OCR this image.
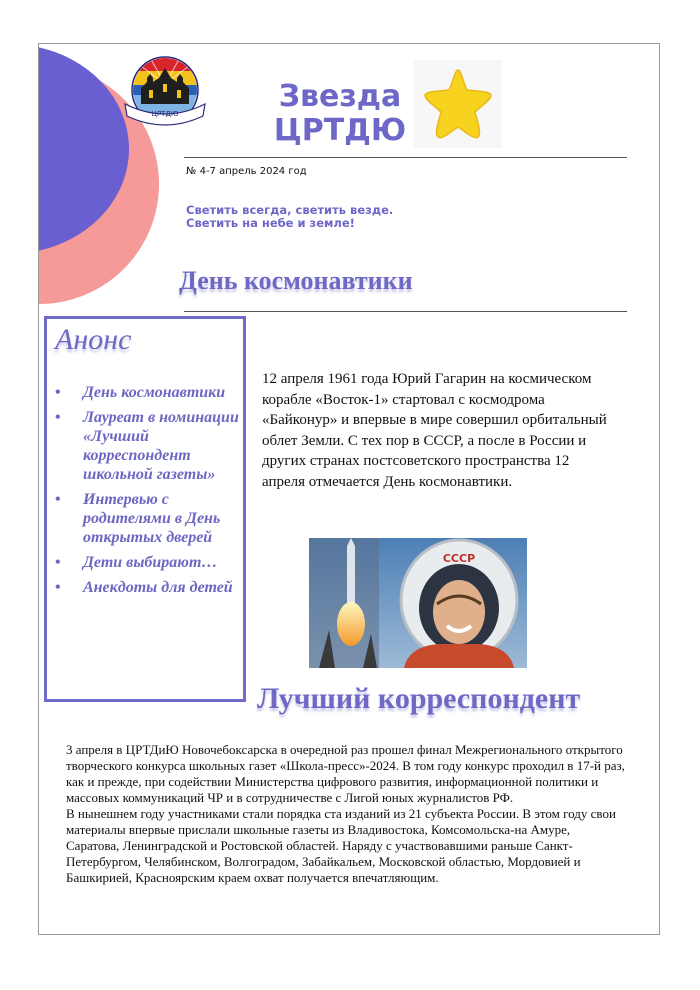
ЦРТДЮ	Звезда
ЦРТДЮ
№ 4-7 апрель 2024 год
Светить всегда, светить везде.
Светить на небе и земле!
День космонавтики
Анонс
• День космонавтики
• Лауреат в номинации «Лучший корреспондент школьной газеты»
• Интервью с родителями в День открытых дверей
• Дети выбирают…
• Анекдоты для детей
12 апреля 1961 года Юрий Гагарин на космическом корабле «Восток-1» стартовал с космодрома «Байконур» и впервые в мире совершил орбитальный облет Земли. С тех пор в СССР, а после в России и других странах постсоветского пространства 12 апреля отмечается День космонавтики.
СССР
Лучший корреспондент

3 апреля в ЦРТДиЮ Новочебоксарска в очередной раз прошел финал Межрегионального открытого творческого конкурса школьных газет «Школа-пресс»-2024. В том году конкурс проходил в 17-й раз, как и прежде, при содействии Министерства цифрового развития, информационной политики и массовых коммуникаций ЧР и в сотрудничестве с Лигой юных журналистов РФ.

В нынешнем году участниками стали порядка ста изданий из 21 субъекта России. В этом году свои материалы впервые прислали школьные газеты из Владивостока, Комсомольска-на Амуре, Саратова, Ленинградской и Ростовской областей. Наряду с участвовавшими раньше Санкт-Петербургом, Челябинском, Волгоградом, Забайкальем, Московской областью, Мордовией и Башкирией, Красноярским краем охват получается впечатляющим.
